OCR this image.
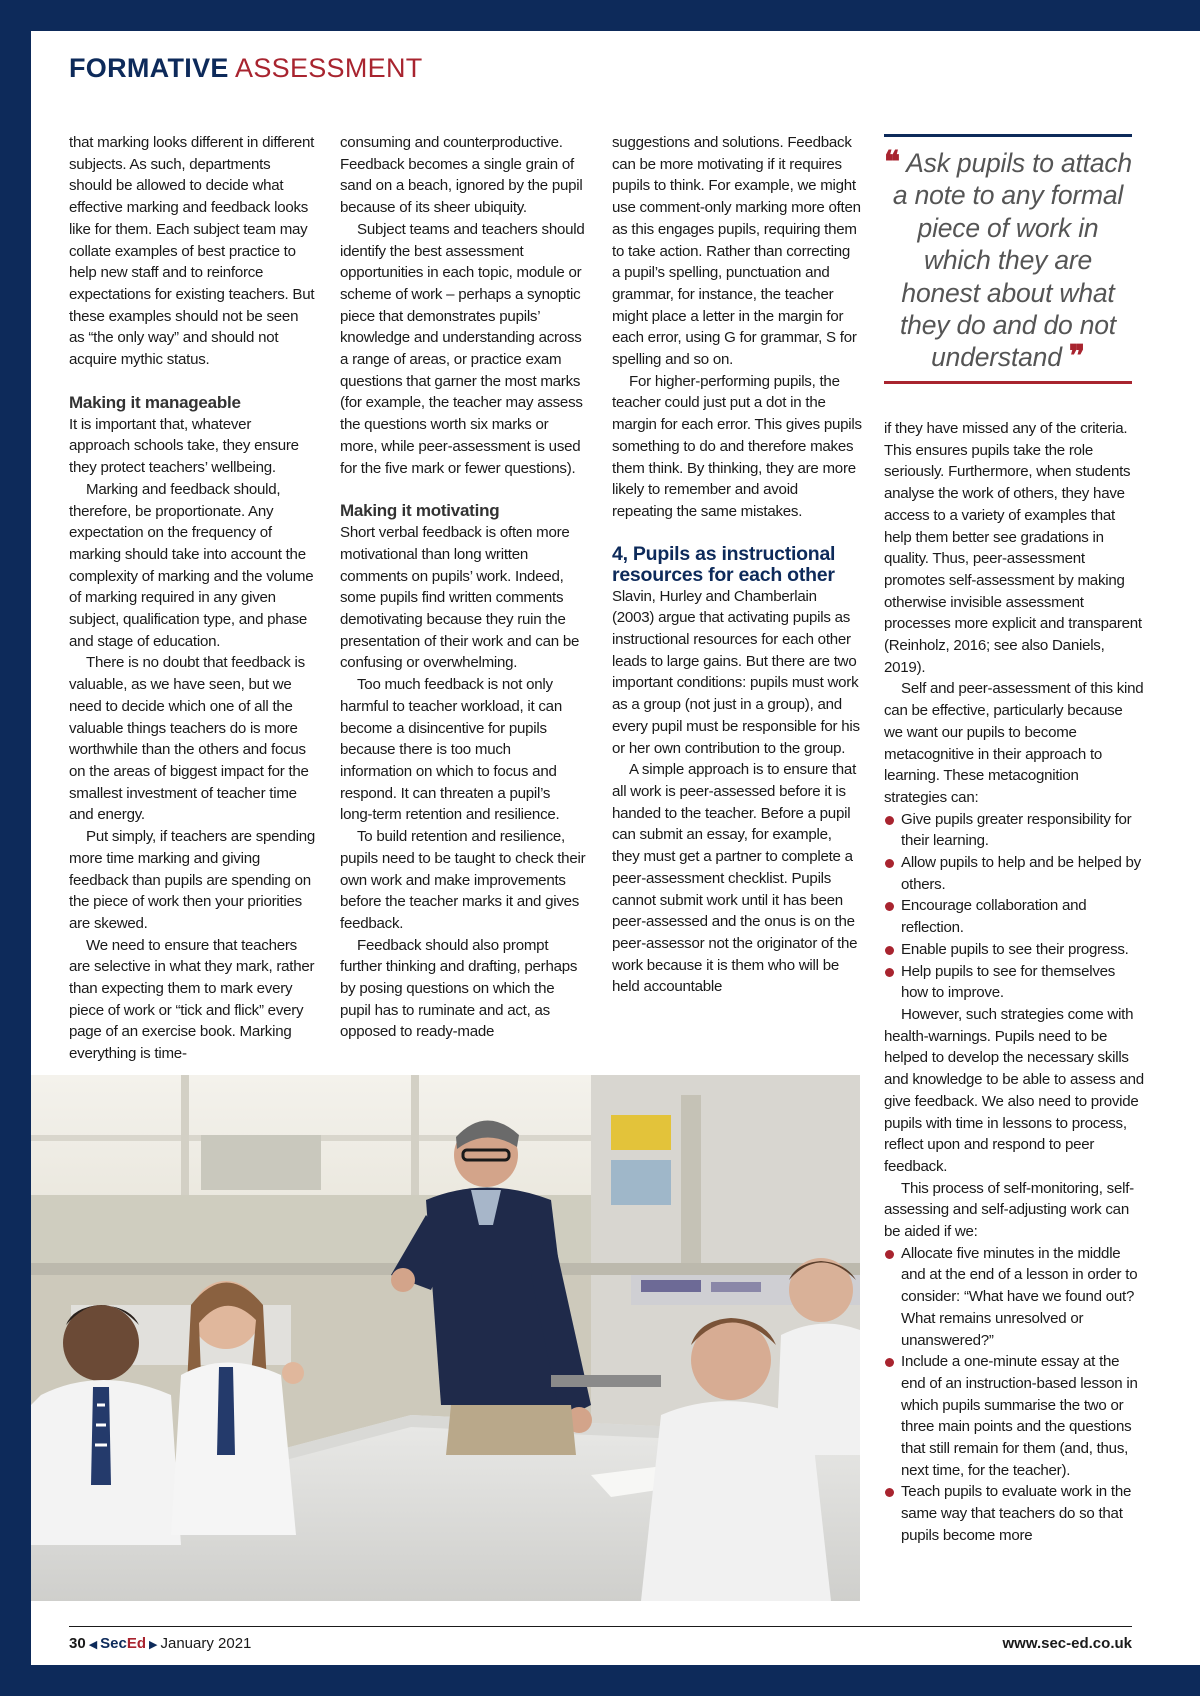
FORMATIVE ASSESSMENT

that marking looks different in different subjects. As such, departments should be allowed to decide what effective marking and feedback looks like for them. Each subject team may collate examples of best practice to help new staff and to reinforce expectations for existing teachers. But these examples should not be seen as “the only way” and should not acquire mythic status.

Making it manageable

It is important that, whatever approach schools take, they ensure they protect teachers’ wellbeing.

Marking and feedback should, therefore, be proportionate. Any expectation on the frequency of marking should take into account the complexity of marking and the volume of marking required in any given subject, qualification type, and phase and stage of education.

There is no doubt that feedback is valuable, as we have seen, but we need to decide which one of all the valuable things teachers do is more worthwhile than the others and focus on the areas of biggest impact for the smallest investment of teacher time and energy.

Put simply, if teachers are spending more time marking and giving feedback than pupils are spending on the piece of work then your priorities are skewed.

We need to ensure that teachers are selective in what they mark, rather than expecting them to mark every piece of work or “tick and flick” every page of an exercise book. Marking everything is time-

consuming and counterproductive. Feedback becomes a single grain of sand on a beach, ignored by the pupil because of its sheer ubiquity.

Subject teams and teachers should identify the best assessment opportunities in each topic, module or scheme of work – perhaps a synoptic piece that demonstrates pupils’ knowledge and understanding across a range of areas, or practice exam questions that garner the most marks (for example, the teacher may assess the questions worth six marks or more, while peer-assessment is used for the five mark or fewer questions).

Making it motivating

Short verbal feedback is often more motivational than long written comments on pupils’ work. Indeed, some pupils find written comments demotivating because they ruin the presentation of their work and can be confusing or overwhelming.

Too much feedback is not only harmful to teacher workload, it can become a disincentive for pupils because there is too much information on which to focus and respond. It can threaten a pupil’s long-term retention and resilience.

To build retention and resilience, pupils need to be taught to check their own work and make improvements before the teacher marks it and gives feedback.

Feedback should also prompt further thinking and drafting, perhaps by posing questions on which the pupil has to ruminate and act, as opposed to ready-made

suggestions and solutions. Feedback can be more motivating if it requires pupils to think. For example, we might use comment-only marking more often as this engages pupils, requiring them to take action. Rather than correcting a pupil’s spelling, punctuation and grammar, for instance, the teacher might place a letter in the margin for each error, using G for grammar, S for spelling and so on.

For higher-performing pupils, the teacher could just put a dot in the margin for each error. This gives pupils something to do and therefore makes them think. By thinking, they are more likely to remember and avoid repeating the same mistakes.

4, Pupils as instructional resources for each other

Slavin, Hurley and Chamberlain (2003) argue that activating pupils as instructional resources for each other leads to large gains. But there are two important conditions: pupils must work as a group (not just in a group), and every pupil must be responsible for his or her own contribution to the group.

A simple approach is to ensure that all work is peer-assessed before it is handed to the teacher. Before a pupil can submit an essay, for example, they must get a partner to complete a peer-assessment checklist. Pupils cannot submit work until it has been peer-assessed and the onus is on the peer-assessor not the originator of the work because it is them who will be held accountable

❝ Ask pupils to attach a note to any formal piece of work in which they are honest about what they do and do not understand ❞

if they have missed any of the criteria. This ensures pupils take the role seriously. Furthermore, when students analyse the work of others, they have access to a variety of examples that help them better see gradations in quality. Thus, peer-assessment promotes self-assessment by making otherwise invisible assessment processes more explicit and transparent (Reinholz, 2016; see also Daniels, 2019).

Self and peer-assessment of this kind can be effective, particularly because we want our pupils to become metacognitive in their approach to learning. These metacognition strategies can:

Give pupils greater responsibility for their learning.
Allow pupils to help and be helped by others.
Encourage collaboration and reflection.
Enable pupils to see their progress.
Help pupils to see for themselves how to improve.

However, such strategies come with health-warnings. Pupils need to be helped to develop the necessary skills and knowledge to be able to assess and give feedback. We also need to provide pupils with time in lessons to process, reflect upon and respond to peer feedback.

This process of self-monitoring, self-assessing and self-adjusting work can be aided if we:

Allocate five minutes in the middle and at the end of a lesson in order to consider: “What have we found out? What remains unresolved or unanswered?”
Include a one-minute essay at the end of an instruction-based lesson in which pupils summarise the two or three main points and the questions that still remain for them (and, thus, next time, for the teacher).
Teach pupils to evaluate work in the same way that teachers do so that pupils become more
30 ◀ SecEd ▶ January 2021	www.sec-ed.co.uk
